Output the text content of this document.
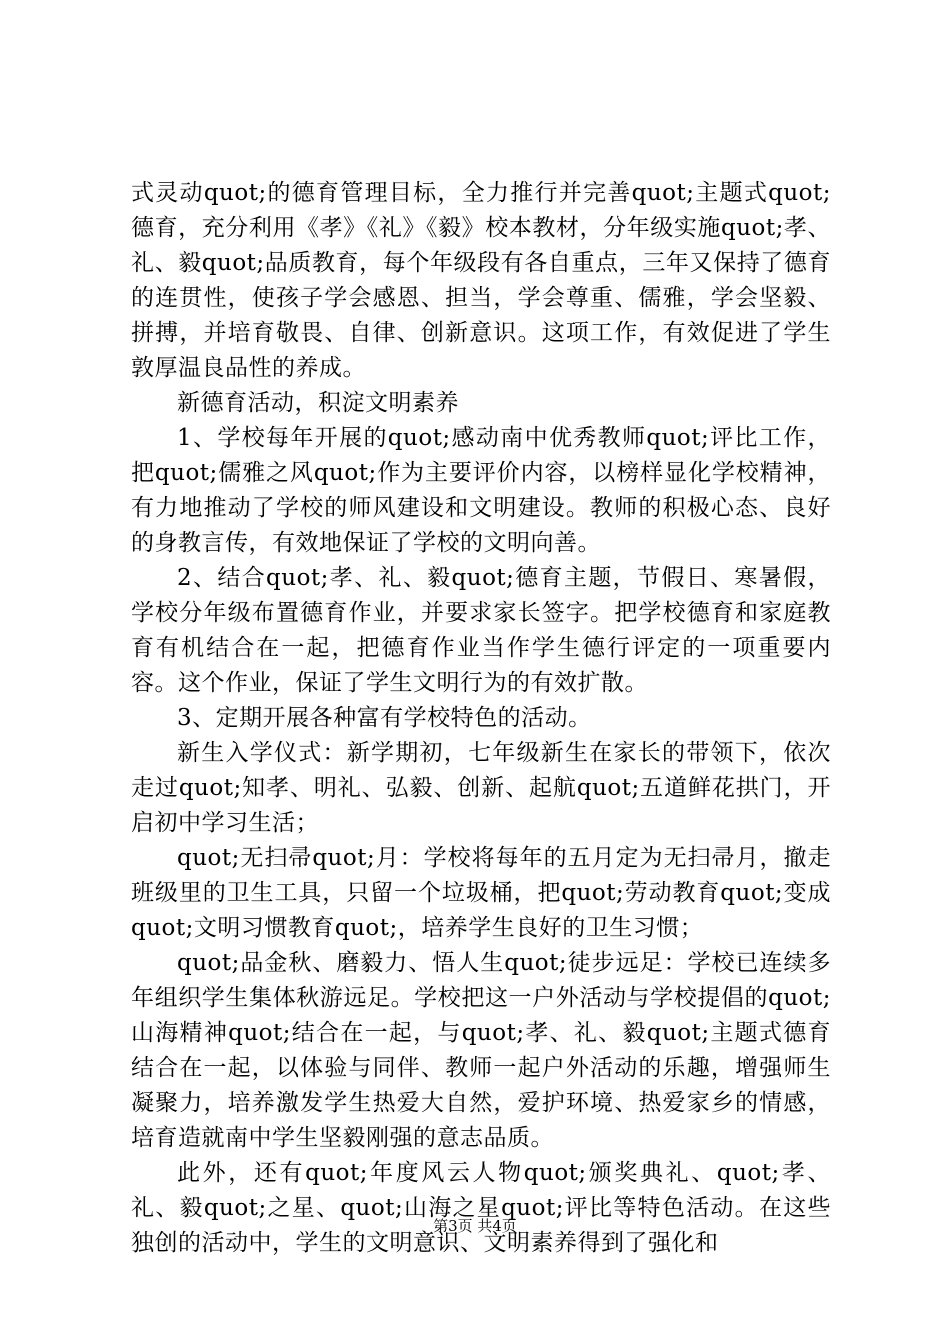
式灵动quot;的德育管理目标，全力推行并完善quot;主题式quot;德育，充分利用《孝》《礼》《毅》校本教材，分年级实施quot;孝、礼、毅quot;品质教育，每个年级段有各自重点，三年又保持了德育的连贯性，使孩子学会感恩、担当，学会尊重、儒雅，学会坚毅、拼搏，并培育敬畏、自律、创新意识。这项工作，有效促进了学生敦厚温良品性的养成。

新德育活动，积淀文明素养

1、学校每年开展的quot;感动南中优秀教师quot;评比工作，把quot;儒雅之风quot;作为主要评价内容，以榜样显化学校精神，有力地推动了学校的师风建设和文明建设。教师的积极心态、良好的身教言传，有效地保证了学校的文明向善。

2、结合quot;孝、礼、毅quot;德育主题，节假日、寒暑假，学校分年级布置德育作业，并要求家长签字。把学校德育和家庭教育有机结合在一起，把德育作业当作学生德行评定的一项重要内容。这个作业，保证了学生文明行为的有效扩散。

3、定期开展各种富有学校特色的活动。

新生入学仪式：新学期初，七年级新生在家长的带领下，依次走过quot;知孝、明礼、弘毅、创新、起航quot;五道鲜花拱门，开启初中学习生活；

quot;无扫帚quot;月：学校将每年的五月定为无扫帚月，撤走班级里的卫生工具，只留一个垃圾桶，把quot;劳动教育quot;变成quot;文明习惯教育quot;，培养学生良好的卫生习惯；

quot;品金秋、磨毅力、悟人生quot;徒步远足：学校已连续多年组织学生集体秋游远足。学校把这一户外活动与学校提倡的quot;山海精神quot;结合在一起，与quot;孝、礼、毅quot;主题式德育结合在一起，以体验与同伴、教师一起户外活动的乐趣，增强师生凝聚力，培养激发学生热爱大自然，爱护环境、热爱家乡的情感，培育造就南中学生坚毅刚强的意志品质。

此外，还有quot;年度风云人物quot;颁奖典礼、quot;孝、礼、毅quot;之星、quot;山海之星quot;评比等特色活动。在这些独创的活动中，学生的文明意识、文明素养得到了强化和

第3页 共4页
